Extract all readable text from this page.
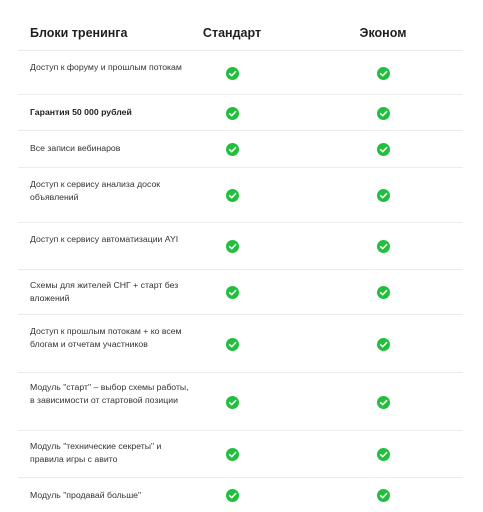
Блоки тренинга	Стандарт	Эконом
Доступ к форуму и прошлым потокам
Гарантия 50 000 рублей
Все записи вебинаров
Доступ к сервису анализа досок объявлений
Доступ к сервису автоматизации AYI
Схемы для жителей СНГ + старт без вложений
Доступ к прошлым потокам + ко всем блогам и отчетам участников
Модуль "старт" – выбор схемы работы, в зависимости от стартовой позиции
Модуль "технические секреты" и правила игры с авито
Модуль "продавай больше"
